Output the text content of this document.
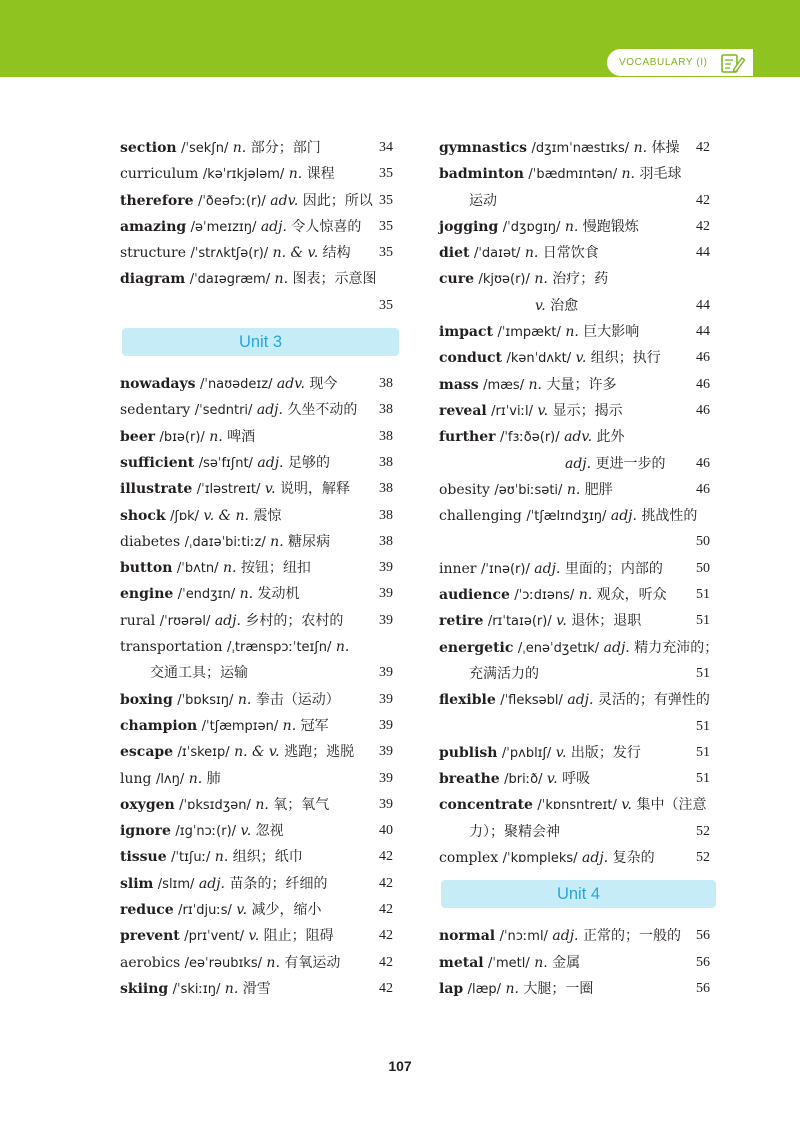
VOCABULARY (I)
section /ˈsekʃn/ n. 部分；部门	34
curriculum /kəˈrɪkjələm/ n. 课程	35
therefore /ˈðeəfɔː(r)/ adv. 因此；所以 35
amazing /əˈmeɪzɪŋ/ adj. 令人惊喜的 35
structure /ˈstrʌktʃə(r)/ n. & v. 结构 35
diagram /ˈdaɪəgræm/ n. 图表；示意图
35
Unit 3
nowadays /ˈnaʊədeɪz/ adv. 现今	38
sedentary /ˈsedntri/ adj. 久坐不动的 38
beer /bɪə(r)/ n. 啤酒	38
sufficient /səˈfɪʃnt/ adj. 足够的	38
illustrate /ˈɪləstreɪt/ v. 说明，解释 38
shock /ʃɒk/ v. & n. 震惊	38
diabetes /ˌdaɪəˈbiːtiːz/ n. 糖尿病	38
button /ˈbʌtn/ n. 按钮；纽扣	39
engine /ˈendʒɪn/ n. 发动机	39
rural /ˈrʊərəl/ adj. 乡村的；农村的	39
transportation /ˌtrænspɔːˈteɪʃn/ n.
交通工具；运输	39
boxing /ˈbɒksɪŋ/ n. 拳击（运动）	39
champion /ˈtʃæmpɪən/ n. 冠军	39
escape /ɪˈskeɪp/ n. & v. 逃跑；逃脱 39
lung /lʌŋ/ n. 肺	39
oxygen /ˈɒksɪdʒən/ n. 氧；氧气	39
ignore /ɪgˈnɔː(r)/ v. 忽视	40
tissue /ˈtɪʃuː/ n. 组织；纸巾	42
slim /slɪm/ adj. 苗条的；纤细的	42
reduce /rɪˈdjuːs/ v. 减少，缩小	42
prevent /prɪˈvent/ v. 阻止；阻碍	42
aerobics /eəˈrəubɪks/ n. 有氧运动	42
skiing /ˈskiːɪŋ/ n. 滑雪	42
gymnastics /dʒɪmˈnæstɪks/ n. 体操 42
badminton /ˈbædmɪntən/ n. 羽毛球
运动	42
jogging /ˈdʒɒgɪŋ/ n. 慢跑锻炼	42
diet /ˈdaɪət/ n. 日常饮食	44
cure /kjʊə(r)/ n. 治疗；药
v. 治愈	44
impact /ˈɪmpækt/ n. 巨大影响	44
conduct /kənˈdʌkt/ v. 组织；执行	46
mass /mæs/ n. 大量；许多	46
reveal /rɪˈviːl/ v. 显示；揭示	46
further /ˈfɜːðə(r)/ adv. 此外
adj. 更进一步的 46
obesity /əʊˈbiːsəti/ n. 肥胖	46
challenging /ˈtʃælɪndʒɪŋ/ adj. 挑战性的
50
inner /ˈɪnə(r)/ adj. 里面的；内部的 50
audience /ˈɔːdɪəns/ n. 观众，听众 51
retire /rɪˈtaɪə(r)/ v. 退休；退职	51
energetic /ˌenəˈdʒetɪk/ adj. 精力充沛的；
充满活力的	51
flexible /ˈfleksəbl/ adj. 灵活的；有弹性的
51
publish /ˈpʌblɪʃ/ v. 出版；发行	51
breathe /briːð/ v. 呼吸	51
concentrate /ˈkɒnsntreɪt/ v. 集中（注意
力）；聚精会神	52
complex /ˈkɒmpleks/ adj. 复杂的	52
Unit 4
normal /ˈnɔːml/ adj. 正常的；一般的 56
metal /ˈmetl/ n. 金属	56
lap /læp/ n. 大腿；一圈	56
107
